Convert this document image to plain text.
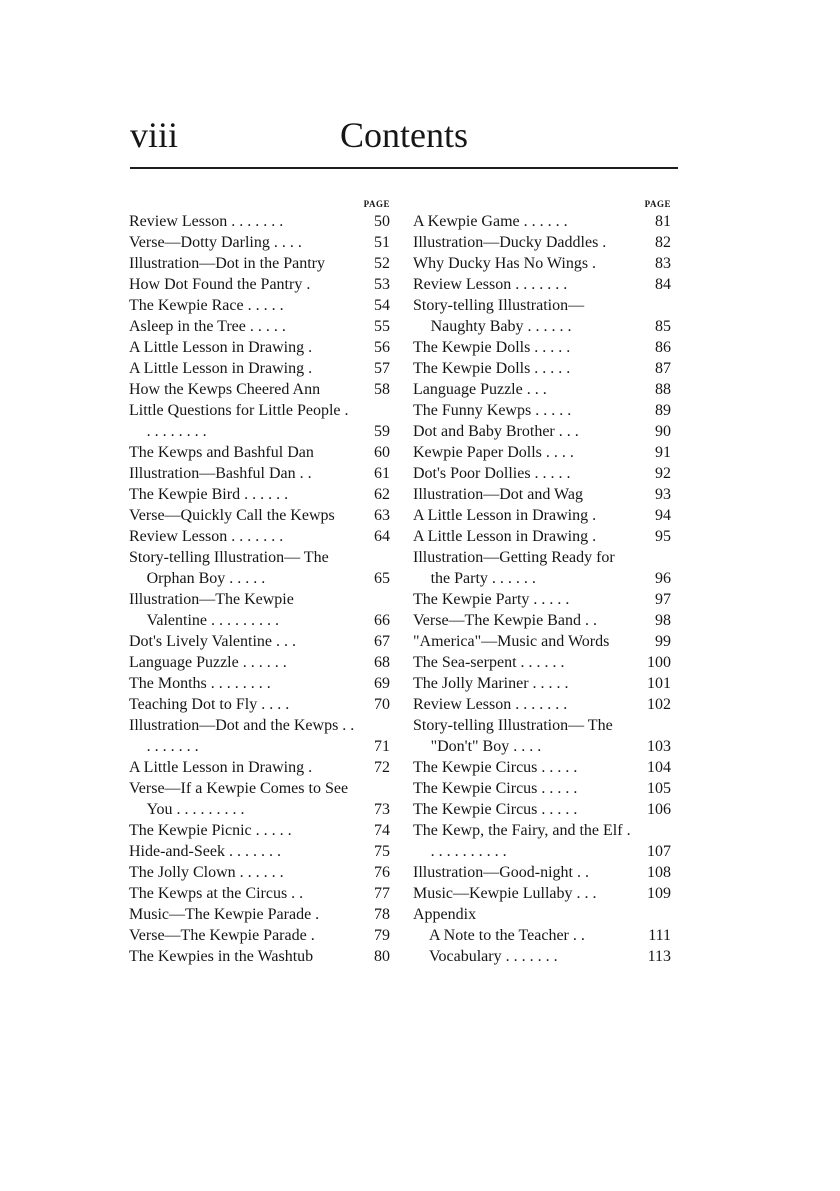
viii	Contents
PAGE
Review Lesson . . . . . . .	50
Verse—Dotty Darling . . . .	51
Illustration—Dot in the Pantry	52
How Dot Found the Pantry .	53
The Kewpie Race . . . . .	54
Asleep in the Tree . . . . .	55
A Little Lesson in Drawing .	56
A Little Lesson in Drawing .	57
How the Kewps Cheered Ann	58
Little Questions for Little People . . . . . . . . .	59
The Kewps and Bashful Dan	60
Illustration—Bashful Dan . .	61
The Kewpie Bird . . . . . .	62
Verse—Quickly Call the Kewps	63
Review Lesson . . . . . . .	64
Story-telling Illustration— The Orphan Boy . . . . .	65
Illustration—The Kewpie Valentine . . . . . . . . .	66
Dot's Lively Valentine . . .	67
Language Puzzle . . . . . .	68
The Months . . . . . . . .	69
Teaching Dot to Fly . . . .	70
Illustration—Dot and the Kewps . . . . . . . . .	71
A Little Lesson in Drawing .	72
Verse—If a Kewpie Comes to See You . . . . . . . . .	73
The Kewpie Picnic . . . . .	74
Hide-and-Seek . . . . . . .	75
The Jolly Clown . . . . . .	76
The Kewps at the Circus . .	77
Music—The Kewpie Parade .	78
Verse—The Kewpie Parade .	79
The Kewpies in the Washtub	80
PAGE
A Kewpie Game . . . . . .	81
Illustration—Ducky Daddles .	82
Why Ducky Has No Wings .	83
Review Lesson . . . . . . .	84
Story-telling Illustration— Naughty Baby . . . . . .	85
The Kewpie Dolls . . . . .	86
The Kewpie Dolls . . . . .	87
Language Puzzle . . .	88
The Funny Kewps . . . . .	89
Dot and Baby Brother . . .	90
Kewpie Paper Dolls . . . .	91
Dot's Poor Dollies . . . . .	92
Illustration—Dot and Wag	93
A Little Lesson in Drawing .	94
A Little Lesson in Drawing .	95
Illustration—Getting Ready for the Party . . . . . .	96
The Kewpie Party . . . . .	97
Verse—The Kewpie Band . .	98
"America"—Music and Words	99
The Sea-serpent . . . . . .	100
The Jolly Mariner . . . . .	101
Review Lesson . . . . . . .	102
Story-telling Illustration— The "Don't" Boy . . . .	103
The Kewpie Circus . . . . .	104
The Kewpie Circus . . . . .	105
The Kewpie Circus . . . . .	106
The Kewp, the Fairy, and the Elf . . . . . . . . . . .	107
Illustration—Good-night . .	108
Music—Kewpie Lullaby . . .	109
Appendix
A Note to the Teacher . .	111
Vocabulary . . . . . . .	113
